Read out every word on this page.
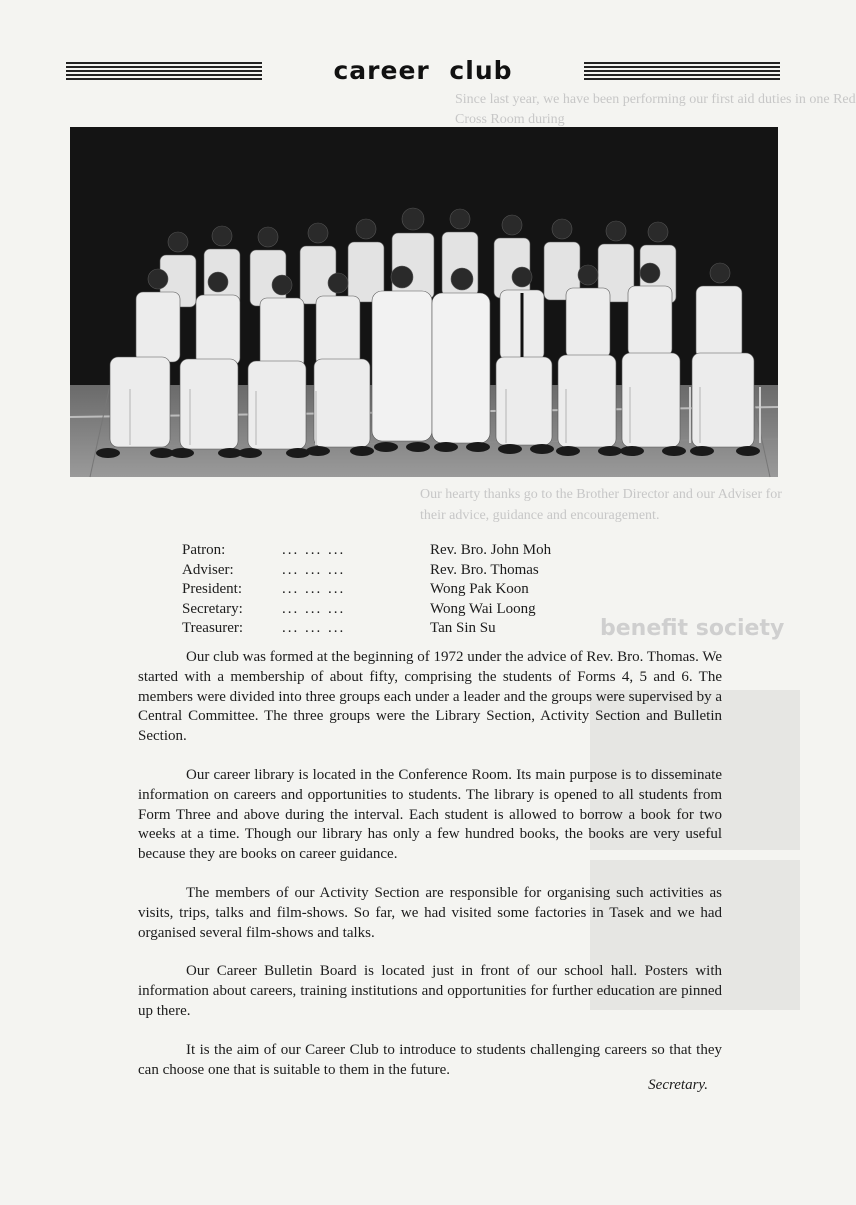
Since last year, we have been performing our first aid duties in one Red
Cross Room during
Our hearty thanks go to the Brother Director and our Adviser for
their advice, guidance and encouragement.
benefit society
career club
Patron:	... ... ...	Rev. Bro. John Moh
Adviser:	... ... ...	Rev. Bro. Thomas
President:	... ... ...	Wong Pak Koon
Secretary:	... ... ...	Wong Wai Loong
Treasurer:	... ... ...	Tan Sin Su

Our club was formed at the beginning of 1972 under the advice of Rev. Bro. Thomas. We started with a membership of about fifty, comprising the students of Forms 4, 5 and 6. The members were divided into three groups each under a leader and the groups were supervised by a Central Committee. The three groups were the Library Section, Activity Section and Bulletin Section.

Our career library is located in the Conference Room. Its main purpose is to disseminate information on careers and opportunities to students. The library is opened to all students from Form Three and above during the interval. Each student is allowed to borrow a book for two weeks at a time. Though our library has only a few hundred books, the books are very useful because they are books on career guidance.

The members of our Activity Section are responsible for organising such activities as visits, trips, talks and film-shows. So far, we had visited some factories in Tasek and we had organised several film-shows and talks.

Our Career Bulletin Board is located just in front of our school hall. Posters with information about careers, training institutions and opportunities for further education are pinned up there.

It is the aim of our Career Club to introduce to students challenging careers so that they can choose one that is suitable to them in the future.

Secretary.
